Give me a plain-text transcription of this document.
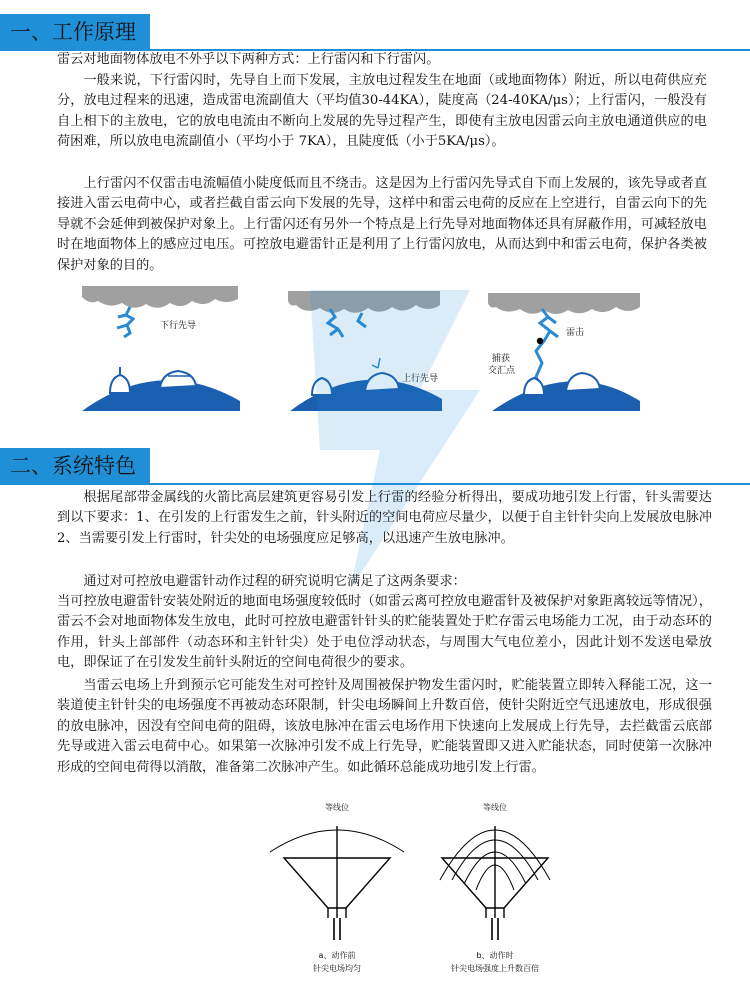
一、工作原理

雷云对地面物体放电不外乎以下两种方式：上行雷闪和下行雷闪。

一般来说，下行雷闪时，先导自上而下发展，主放电过程发生在地面（或地面物体）附近，所以电荷供应充分，放电过程来的迅速，造成雷电流副值大（平均值30-44KA），陡度高（24-40KA/μs）；上行雷闪，一般没有自上相下的主放电，它的放电电流由不断向上发展的先导过程产生，即使有主放电因雷云向主放电通道供应的电荷困难，所以放电电流副值小（平均小于 7KA），且陡度低（小于5KA/μs）。

上行雷闪不仅雷击电流幅值小陡度低而且不绕击。这是因为上行雷闪先导式自下而上发展的，该先导或者直接进入雷云电荷中心，或者拦截自雷云向下发展的先导，这样中和雷云电荷的反应在上空进行，自雷云向下的先导就不会延伸到被保护对象上。上行雷闪还有另外一个特点是上行先导对地面物体还具有屏蔽作用，可减轻放电时在地面物体上的感应过电压。可控放电避雷针正是利用了上行雷闪放电，从而达到中和雷云电荷，保护各类被保护对象的目的。

下行先导
上行先导
雷击
捕获
交汇点
二、系统特色

根据尾部带金属线的火箭比高层建筑更容易引发上行雷的经验分析得出，要成功地引发上行雷，针头需要达到以下要求：1、在引发的上行雷发生之前，针头附近的空间电荷应尽量少，以便于自主针针尖向上发展放电脉冲 2、当需要引发上行雷时，针尖处的电场强度应足够高，以迅速产生放电脉冲。

通过对可控放电避雷针动作过程的研究说明它满足了这两条要求：

当可控放电避雷针安装处附近的地面电场强度较低时（如雷云离可控放电避雷针及被保护对象距离较远等情况），雷云不会对地面物体发生放电，此时可控放电避雷针针头的贮能装置处于贮存雷云电场能力工况，由于动态环的作用，针头上部部件（动态环和主针针尖）处于电位浮动状态，与周围大气电位差小，因此计划不发送电晕放电，即保证了在引发发生前针头附近的空间电荷很少的要求。

当雷云电场上升到预示它可能发生对可控针及周围被保护物发生雷闪时，贮能装置立即转入释能工况，这一装道使主针针尖的电场强度不再被动态环限制，针尖电场瞬间上升数百倍，使针尖附近空气迅速放电，形成很强的放电脉冲，因没有空间电荷的阻碍，该放电脉冲在雷云电场作用下快速向上发展成上行先导，去拦截雷云底部先导或进入雷云电荷中心。如果第一次脉冲引发不成上行先导，贮能装置即又进入贮能状态，同时使第一次脉冲形成的空间电荷得以消散，准备第二次脉冲产生。如此循环总能成功地引发上行雷。

等线位
a、动作前
针尖电场均匀
等线位
b、动作时
针尖电场强度上升数百倍
